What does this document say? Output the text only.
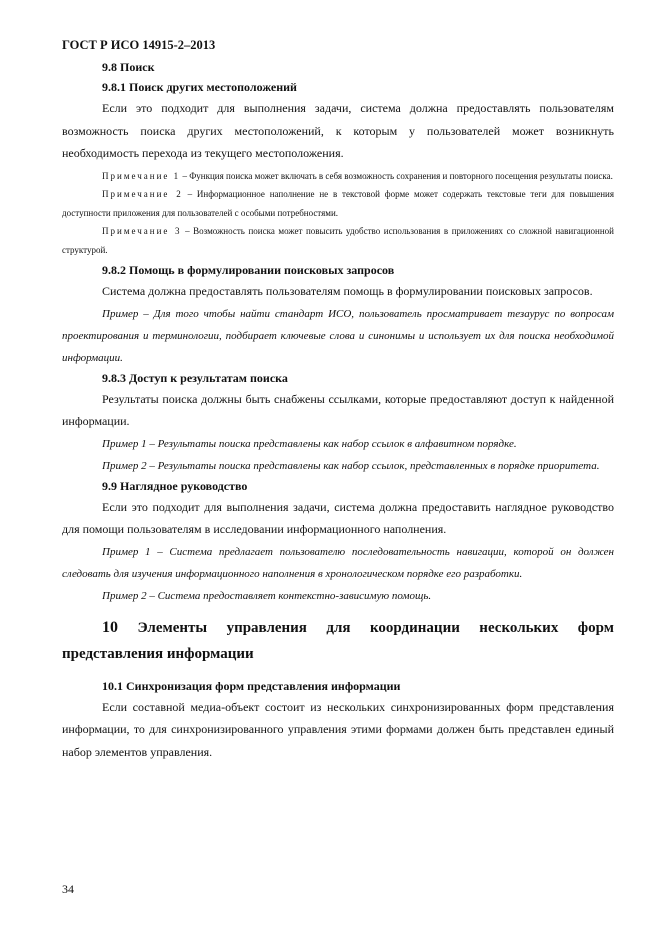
ГОСТ Р ИСО 14915-2–2013

9.8 Поиск

9.8.1 Поиск других местоположений

Если это подходит для выполнения задачи, система должна предоставлять пользователям возможность поиска других местоположений, к которым у пользователей может возникнуть необходимость перехода из текущего местоположения.

Примечание 1 – Функция поиска может включать в себя возможность сохранения и повторного посещения результаты поиска.

Примечание 2 – Информационное наполнение не в текстовой форме может содержать текстовые теги для повышения доступности приложения для пользователей с особыми потребностями.

Примечание 3 – Возможность поиска может повысить удобство использования в приложениях со сложной навигационной структурой.

9.8.2 Помощь в формулировании поисковых запросов

Система должна предоставлять пользователям помощь в формулировании поисковых запросов.

Пример – Для того чтобы найти стандарт ИСО, пользователь просматривает тезаурус по вопросам проектирования и терминологии, подбирает ключевые слова и синонимы и использует их для поиска необходимой информации.

9.8.3 Доступ к результатам поиска

Результаты поиска должны быть снабжены ссылками, которые предоставляют доступ к найденной информации.

Пример 1 – Результаты поиска представлены как набор ссылок в алфавитном порядке.

Пример 2 – Результаты поиска представлены как набор ссылок, представленных в порядке приоритета.

9.9 Наглядное руководство

Если это подходит для выполнения задачи, система должна предоставить наглядное руководство для помощи пользователям в исследовании информационного наполнения.

Пример 1 – Система предлагает пользователю последовательность навигации, которой он должен следовать для изучения информационного наполнения в хронологическом порядке его разработки.

Пример 2 – Система предоставляет контекстно-зависимую помощь.

10 Элементы управления для координации нескольких форм представления информации

10.1 Синхронизация форм представления информации

Если составной медиа-объект состоит из нескольких синхронизированных форм представления информации, то для синхронизированного управления этими формами должен быть представлен единый набор элементов управления.

34
